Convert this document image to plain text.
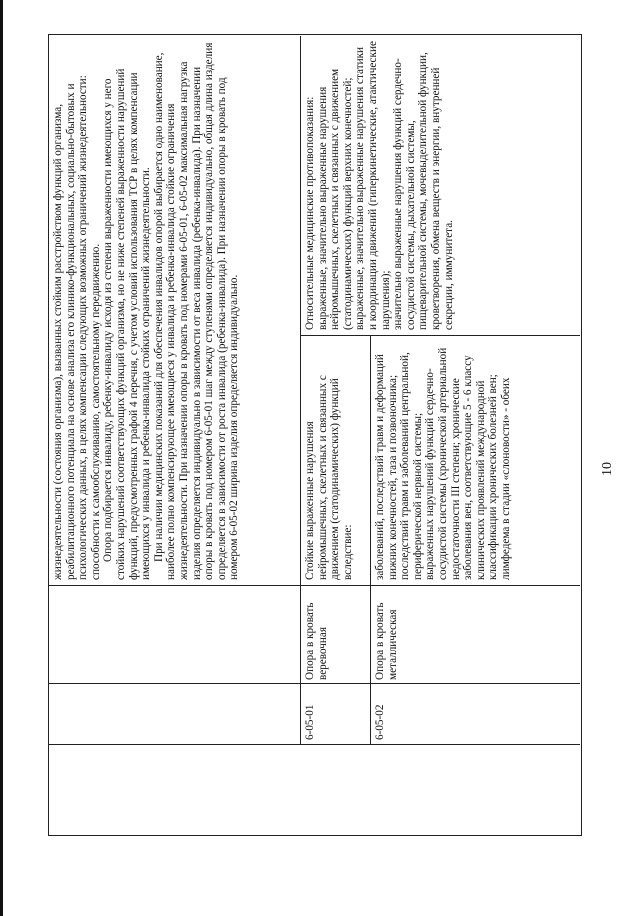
10

жизнедеятельности (состояния организма), вызванных стойким расстройством функций организма, реабилитационного потенциала на основе анализа его клинико-функциональных, социально-бытовых и психологических данных, в целях компенсации следующих возможных ограничений жизнедеятельности: способности к самообслуживанию, самостоятельному передвижению. Опора подбирается инвалиду, ребенку-инвалиду исходя из степени выраженности имеющихся у него стойких нарушений соответствующих функций организма, но не ниже степеней выраженности нарушений функций, предусмотренных графой 4 перечня, с учетом условий использования ТСР в целях компенсации имеющихся у инвалида и ребенка-инвалида стойких ограничений жизнедеятельности. При наличии медицинских показаний для обеспечения инвалидов опорой выбирается одно наименование, наиболее полно компенсирующее имеющиеся у инвалида и ребенка-инвалида стойкие ограничения жизнедеятельности. При назначении опоры в кровать под номерами 6-05-01, 6-05-02 максимальная нагрузка изделия определяется индивидуально в зависимости от веса инвалида (ребенка-инвалида). При назначении опоры в кровать под номером 6-05-01 шаг между ступенями определяется индивидуально, общая длина изделия определяется в зависимости от роста инвалида (ребенка-инвалида). При назначении опоры в кровать под номером 6-05-02 ширина изделия определяется индивидуально.

6-05-01
Опора в кровать веревочная
Стойкие выраженные нарушения нейромышечных, скелетных и связанных с движением (статодинамических) функций вследствие:
6-05-02
Опора в кровать металлическая

заболеваний, последствий травм и деформаций нижних конечностей, таза и позвоночника; последствий травм и заболеваний центральной, периферической нервной системы; выраженных нарушений функций сердечно-сосудистой системы (хронической артериальной недостаточности III степени; хронические заболевания вен, соответствующие 5 - 6 классу клинических проявлений международной классификации хронических болезней вен; лимфедема в стадии «слоновости» - обеих

Относительные медицинские противопоказания: выраженные, значительно выраженные нарушения нейромышечных, скелетных и связанных с движением (статодинамических) функций верхних конечностей; выраженные, значительно выраженные нарушения статики и координации движений (гиперкинетические, атактические нарушения); значительно выраженные нарушения функций сердечно-сосудистой системы, дыхательной системы, пищеварительной системы, мочевыделительной функции, кроветворения, обмена веществ и энергии, внутренней секреции, иммунитета.
